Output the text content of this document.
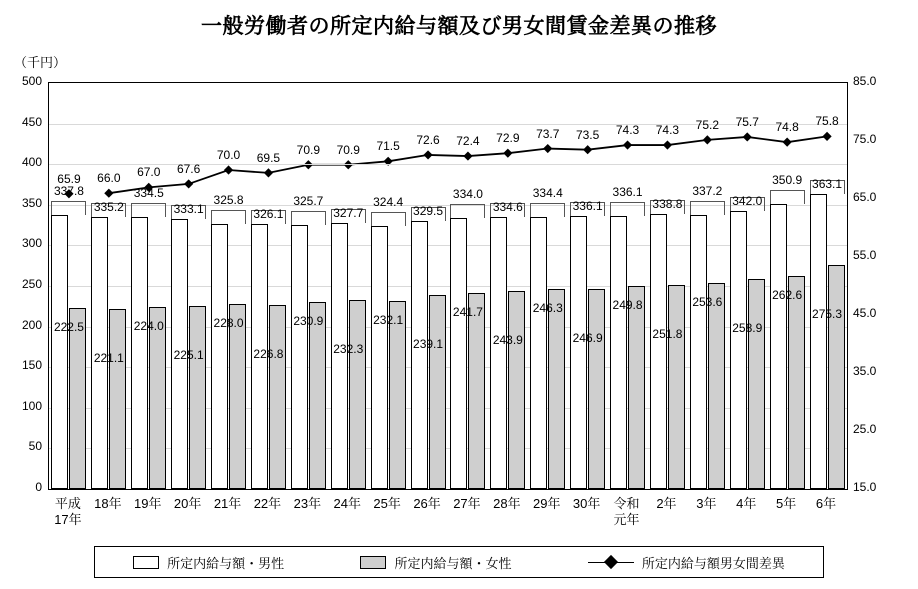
一般労働者の所定内給与額及び男女間賃金差異の推移
（千円）
337.8
222.5
65.9
335.2
221.1
66.0
334.5
224.0
67.0
333.1
225.1
67.6
325.8
228.0
70.0
326.1
226.8
69.5
325.7
230.9
70.9
327.7
232.3
70.9
324.4
232.1
71.5
329.5
239.1
72.6
334.0
241.7
72.4
334.6
243.9
72.9
334.4
246.3
73.7
336.1
246.9
73.5
336.1
249.8
74.3
338.8
251.8
74.3
337.2
253.6
75.2
342.0
258.9
75.7
350.9
262.6
74.8
363.1
275.3
75.8
0
50
100
150
200
250
300
350
400
450
500
15.0
25.0
35.0
45.0
55.0
65.0
75.0
85.0
平成
17年
18年 19年 20年 21年 22年 23年 24年 25年 26年 27年 28年 29年 30年	令和
元年
2年	3年	4年	5年	6年
所定内給与額・男性	所定内給与額・女性	所定内給与額男女間差異
